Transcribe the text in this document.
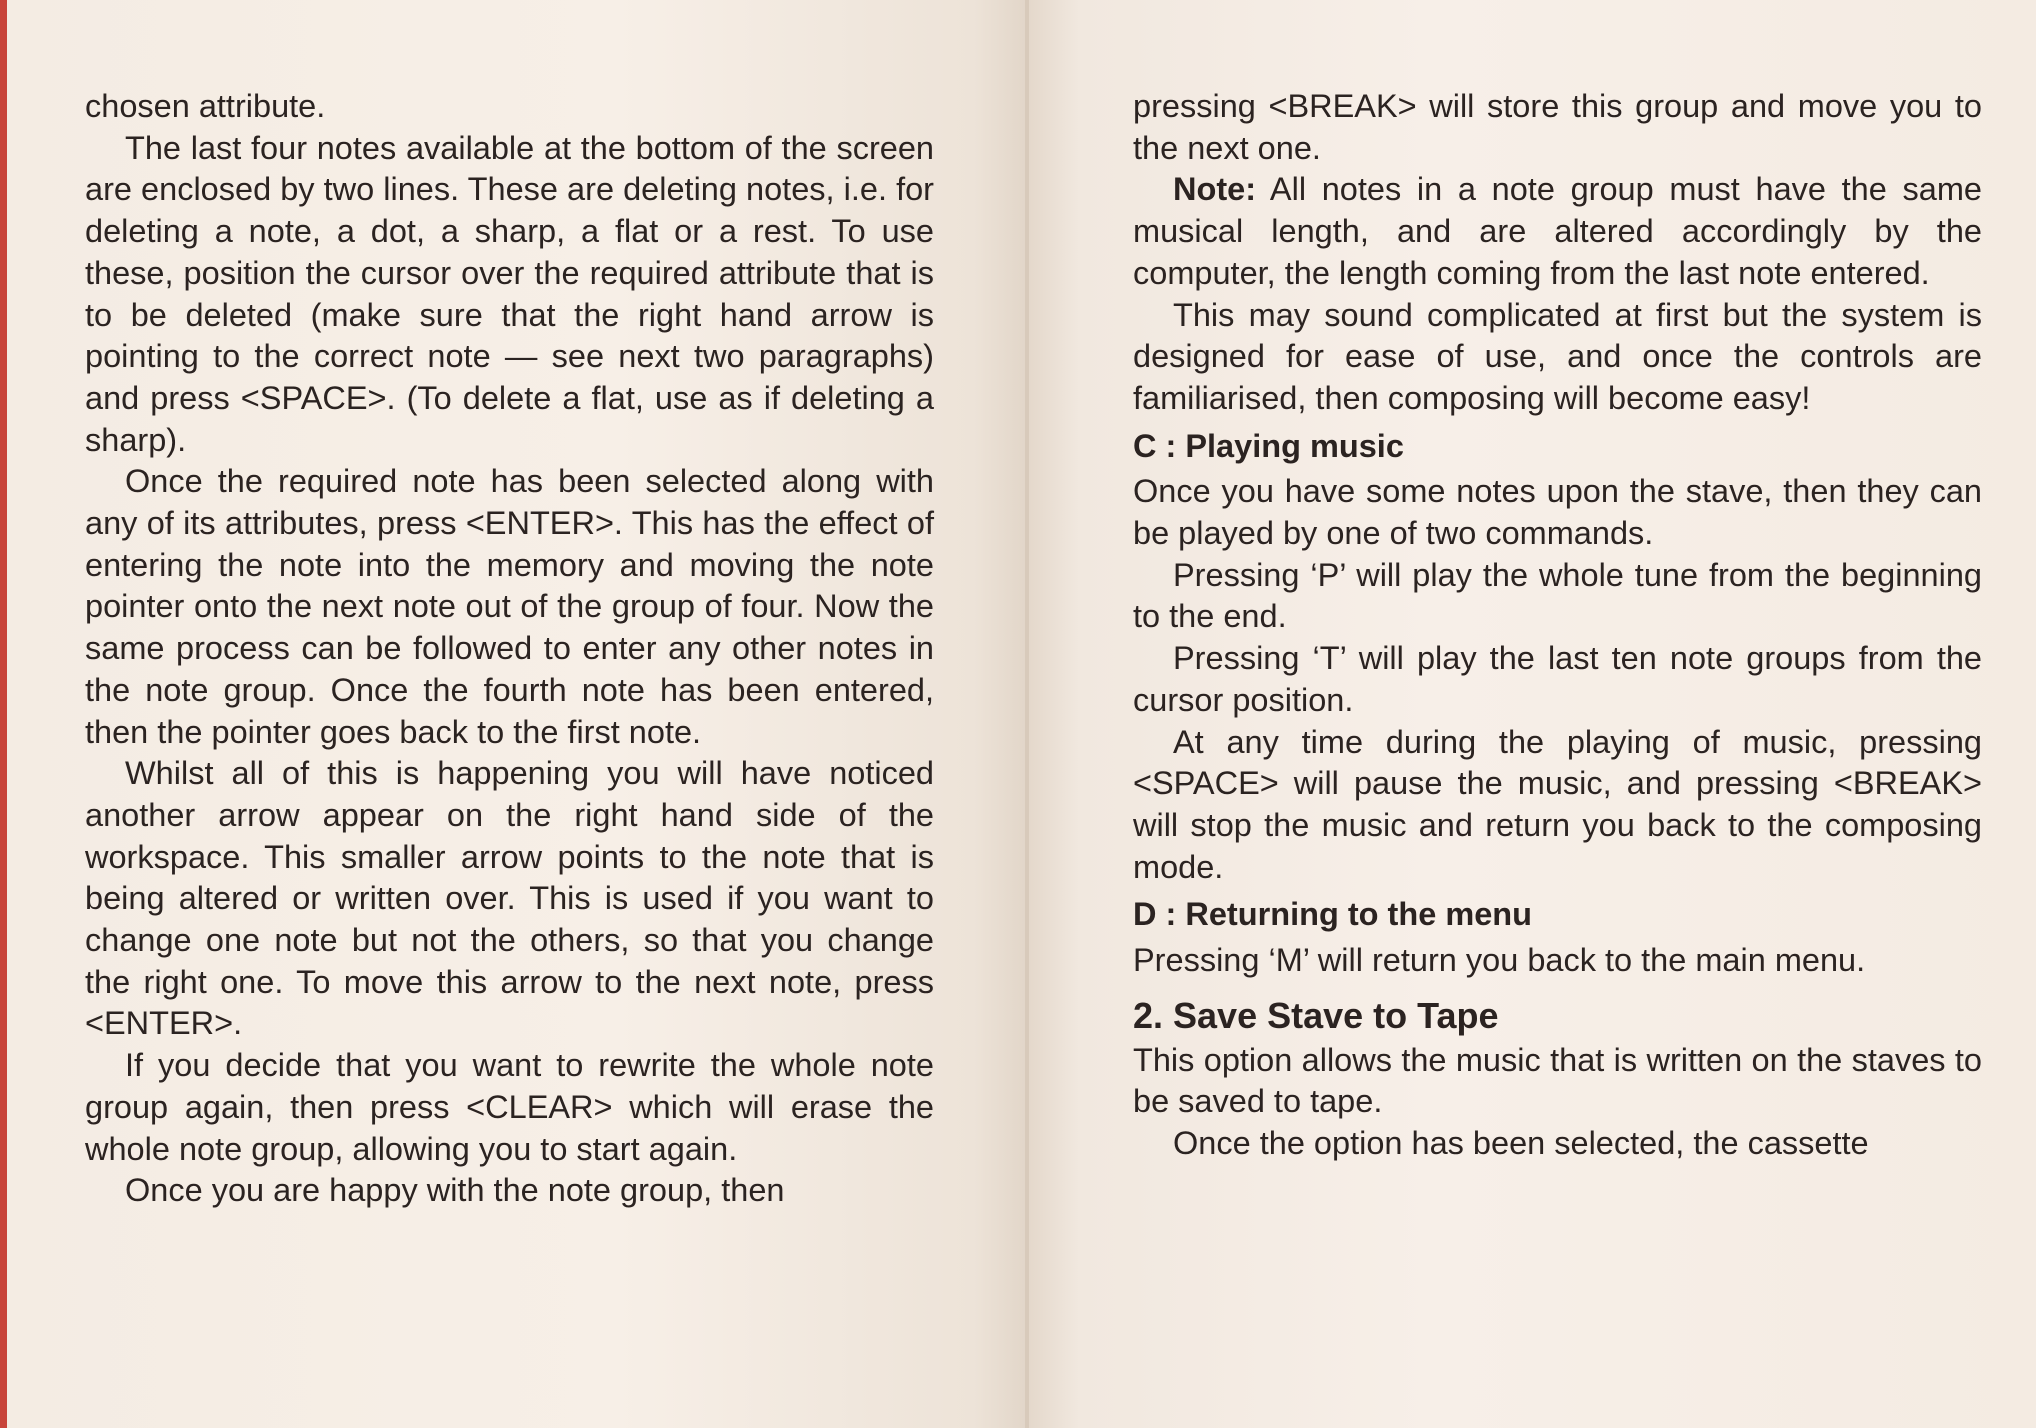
chosen attribute.

The last four notes available at the bottom of the screen are enclosed by two lines. These are deleting notes, i.e. for deleting a note, a dot, a sharp, a flat or a rest. To use these, position the cursor over the required attribute that is to be deleted (make sure that the right hand arrow is pointing to the correct note — see next two paragraphs) and press <SPACE>. (To delete a flat, use as if deleting a sharp).

Once the required note has been selected along with any of its attributes, press <ENTER>. This has the effect of entering the note into the memory and moving the note pointer onto the next note out of the group of four. Now the same process can be followed to enter any other notes in the note group. Once the fourth note has been entered, then the pointer goes back to the first note.

Whilst all of this is happening you will have noticed another arrow appear on the right hand side of the workspace. This smaller arrow points to the note that is being altered or written over. This is used if you want to change one note but not the others, so that you change the right one. To move this arrow to the next note, press <ENTER>.

If you decide that you want to rewrite the whole note group again, then press <CLEAR> which will erase the whole note group, allowing you to start again.

Once you are happy with the note group, then

pressing <BREAK> will store this group and move you to the next one.

Note: All notes in a note group must have the same musical length, and are altered accordingly by the computer, the length coming from the last note entered.

This may sound complicated at first but the system is designed for ease of use, and once the controls are familiarised, then composing will become easy!

C : Playing music

Once you have some notes upon the stave, then they can be played by one of two commands.

Pressing ‘P’ will play the whole tune from the beginning to the end.

Pressing ‘T’ will play the last ten note groups from the cursor position.

At any time during the playing of music, pressing <SPACE> will pause the music, and pressing <BREAK> will stop the music and return you back to the composing mode.

D : Returning to the menu

Pressing ‘M’ will return you back to the main menu.

2. Save Stave to Tape

This option allows the music that is written on the staves to be saved to tape.

Once the option has been selected, the cassette
